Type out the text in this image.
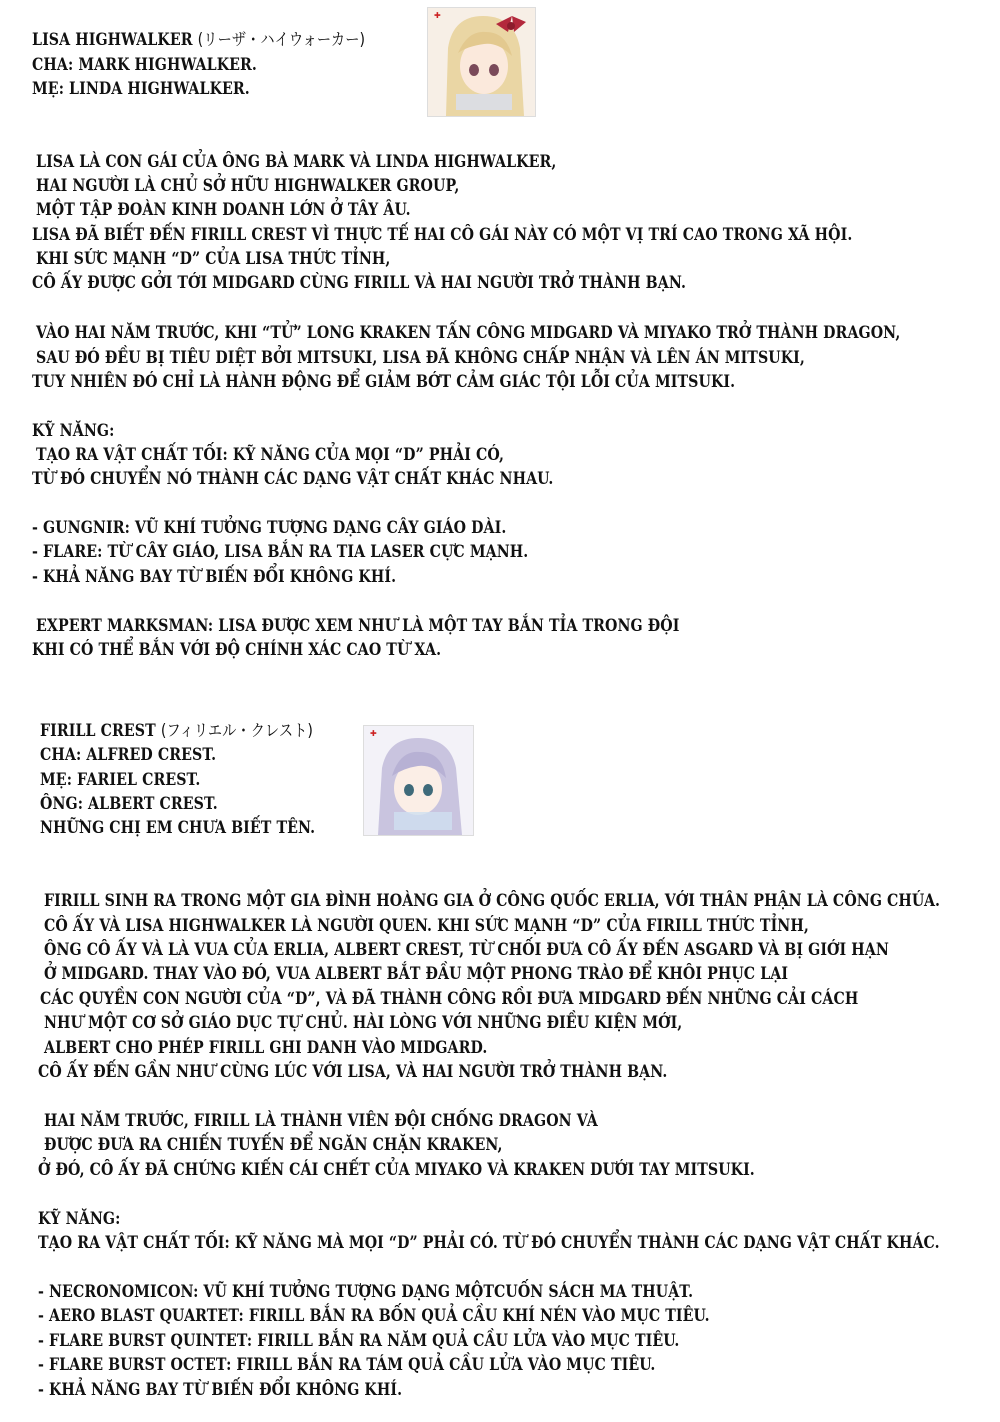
LISA HIGHWALKER (リーザ・ハイウォーカー)
CHA: MARK HIGHWALKER.
MẸ: LINDA HIGHWALKER.
✚
LISA LÀ CON GÁI CỦA ÔNG BÀ MARK VÀ LINDA HIGHWALKER,
HAI NGƯỜI LÀ CHỦ SỞ HỮU HIGHWALKER GROUP,
MỘT TẬP ĐOÀN KINH DOANH LỚN Ở TÂY ÂU.
LISA ĐÃ BIẾT ĐẾN FIRILL CREST VÌ THỰC TẾ HAI CÔ GÁI NÀY CÓ MỘT VỊ TRÍ CAO TRONG XÃ HỘI.
KHI SỨC MẠNH “D” CỦA LISA THỨC TỈNH,
CÔ ẤY ĐƯỢC GỞI TỚI MIDGARD CÙNG FIRILL VÀ HAI NGƯỜI TRỞ THÀNH BẠN.
VÀO HAI NĂM TRƯỚC, KHI “TỬ” LONG KRAKEN TẤN CÔNG MIDGARD VÀ MIYAKO TRỞ THÀNH DRAGON,
SAU ĐÓ ĐỀU BỊ TIÊU DIỆT BỞI MITSUKI, LISA ĐÃ KHÔNG CHẤP NHẬN VÀ LÊN ÁN MITSUKI,
TUY NHIÊN ĐÓ CHỈ LÀ HÀNH ĐỘNG ĐỂ GIẢM BỚT CẢM GIÁC TỘI LỖI CỦA MITSUKI.
KỸ NĂNG:
TẠO RA VẬT CHẤT TỐI: KỸ NĂNG CỦA MỌI “D” PHẢI CÓ,
TỪ ĐÓ CHUYỂN NÓ THÀNH CÁC DẠNG VẬT CHẤT KHÁC NHAU.
- GUNGNIR: VŨ KHÍ TƯỞNG TƯỢNG DẠNG CÂY GIÁO DÀI.
- FLARE: TỪ CÂY GIÁO, LISA BẮN RA TIA LASER CỰC MẠNH.
- KHẢ NĂNG BAY TỪ BIẾN ĐỔI KHÔNG KHÍ.
EXPERT MARKSMAN: LISA ĐƯỢC XEM NHƯ LÀ MỘT TAY BẮN TỈA TRONG ĐỘI
KHI CÓ THỂ BẮN VỚI ĐỘ CHÍNH XÁC CAO TỪ XA.
FIRILL CREST (フィリエル・クレスト)
CHA: ALFRED CREST.
MẸ: FARIEL CREST.
ÔNG: ALBERT CREST.
NHỮNG CHỊ EM CHƯA BIẾT TÊN.
✚
FIRILL SINH RA TRONG MỘT GIA ĐÌNH HOÀNG GIA Ở CÔNG QUỐC ERLIA, VỚI THÂN PHẬN LÀ CÔNG CHÚA.
CÔ ẤY VÀ LISA HIGHWALKER LÀ NGƯỜI QUEN. KHI SỨC MẠNH “D” CỦA FIRILL THỨC TỈNH,
ÔNG CÔ ẤY VÀ LÀ VUA CỦA ERLIA, ALBERT CREST, TỪ CHỐI ĐƯA CÔ ẤY ĐẾN ASGARD VÀ BỊ GIỚI HẠN
Ở MIDGARD. THAY VÀO ĐÓ, VUA ALBERT BẮT ĐẦU MỘT PHONG TRÀO ĐỂ KHÔI PHỤC LẠI
CÁC QUYỀN CON NGƯỜI CỦA “D”, VÀ ĐÃ THÀNH CÔNG RỒI ĐƯA MIDGARD ĐẾN NHỮNG CẢI CÁCH
NHƯ MỘT CƠ SỞ GIÁO DỤC TỰ CHỦ. HÀI LÒNG VỚI NHỮNG ĐIỀU KIỆN MỚI,
ALBERT CHO PHÉP FIRILL GHI DANH VÀO MIDGARD.
CÔ ẤY ĐẾN GẦN NHƯ CÙNG LÚC VỚI LISA, VÀ HAI NGƯỜI TRỞ THÀNH BẠN.
HAI NĂM TRƯỚC, FIRILL LÀ THÀNH VIÊN ĐỘI CHỐNG DRAGON VÀ
ĐƯỢC ĐƯA RA CHIẾN TUYẾN ĐỂ NGĂN CHẶN KRAKEN,
Ở ĐÓ, CÔ ẤY ĐÃ CHỨNG KIẾN CÁI CHẾT CỦA MIYAKO VÀ KRAKEN DƯỚI TAY MITSUKI.
KỸ NĂNG:
TẠO RA VẬT CHẤT TỐI: KỸ NĂNG MÀ MỌI “D” PHẢI CÓ. TỪ ĐÓ CHUYỂN THÀNH CÁC DẠNG VẬT CHẤT KHÁC.
- NECRONOMICON: VŨ KHÍ TƯỞNG TƯỢNG DẠNG MỘTCUỐN SÁCH MA THUẬT.
- AERO BLAST QUARTET: FIRILL BẮN RA BỐN QUẢ CẦU KHÍ NÉN VÀO MỤC TIÊU.
- FLARE BURST QUINTET: FIRILL BẮN RA NĂM QUẢ CẦU LỬA VÀO MỤC TIÊU.
- FLARE BURST OCTET: FIRILL BẮN RA TÁM QUẢ CẦU LỬA VÀO MỤC TIÊU.
- KHẢ NĂNG BAY TỪ BIẾN ĐỔI KHÔNG KHÍ.
